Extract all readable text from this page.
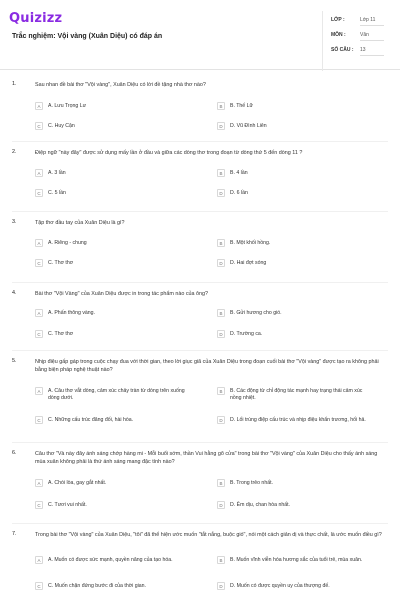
Quizizz
Trắc nghiệm: Vội vàng (Xuân Diệu) có đáp án
LỚP :	Lớp 11
MÔN :	Văn
SỐ CÂU : 13
1.	Sau nhan đề bài thơ "Vội vàng", Xuân Diệu có lời đề tặng nhà thơ nào?
A	A. Lưu Trọng Lư	B	B. Thế Lữ
C	C. Huy Cận	D	D. Vũ Đình Liên
2.	Điệp ngữ "này đây" được sử dụng mấy lần ở đầu và giữa các dòng thơ trong đoạn từ dòng thứ 5 đến dòng 11 ?
A	A. 3 lần	B	B. 4 lần
C	C. 5 lần	D	D. 6 lần
3.	Tập thơ đầu tay của Xuân Diệu là gì?
A	A. Riêng - chung	B	B. Một khối hồng.
C	C. Thơ thơ	D	D. Hai đợt sóng
4.	Bài thơ "Vội Vàng" của Xuân Diệu được in trong tác phẩm nào của ông?
A	A. Phấn thông vàng.	B	B. Gửi hương cho gió.
C	C. Thơ thơ	D	D. Trường ca.
5.	Nhịp điệu gấp gáp trong cuộc chạy đua với thời gian, theo lời giục giã của Xuân Diệu trong đoạn cuối bài thơ "Vội vàng" được tạo ra không phải bằng biện pháp nghệ thuật nào?
A	A. Câu thơ vắt dòng, cảm xúc chảy tràn từ dòng trên xuống dòng dưới.
B	B. Các động từ chỉ động tác mạnh hay trạng thái cảm xúc nồng nhiệt.
C	C. Những cấu trúc đăng đối, hài hòa.	D	D. Lối trùng điệp cấu trúc và nhịp điệu khẩn trương, hối hả.
6.	Câu thơ "Và này đây ánh sáng chớp hàng mi - Mỗi buổi sớm, thần Vui hằng gõ cửa" trong bài thơ "Vội vàng" của Xuân Diệu cho thấy ánh sáng mùa xuân không phải là thứ ánh sáng mang đặc tính nào?
A	A. Chói lòa, gay gắt nhất.	B	B. Trong trẻo nhất.
C	C. Tươi vui nhất.	D	D. Êm dịu, chan hòa nhất.
7.	Trong bài thơ "Vội vàng" của Xuân Diệu, "tôi" đã thể hiện ước muốn "tắt nắng, buộc gió", nói một cách giản dị và thực chất, là ước muốn điều gì?
A	A. Muốn có được sức mạnh, quyền năng của tạo hóa.	B	B. Muốn vĩnh viễn hóa hương sắc của tuổi trẻ, mùa xuân.
C	C. Muốn chặn đứng bước đi của thời gian.	D	D. Muốn có được quyền uy của thượng đế.
